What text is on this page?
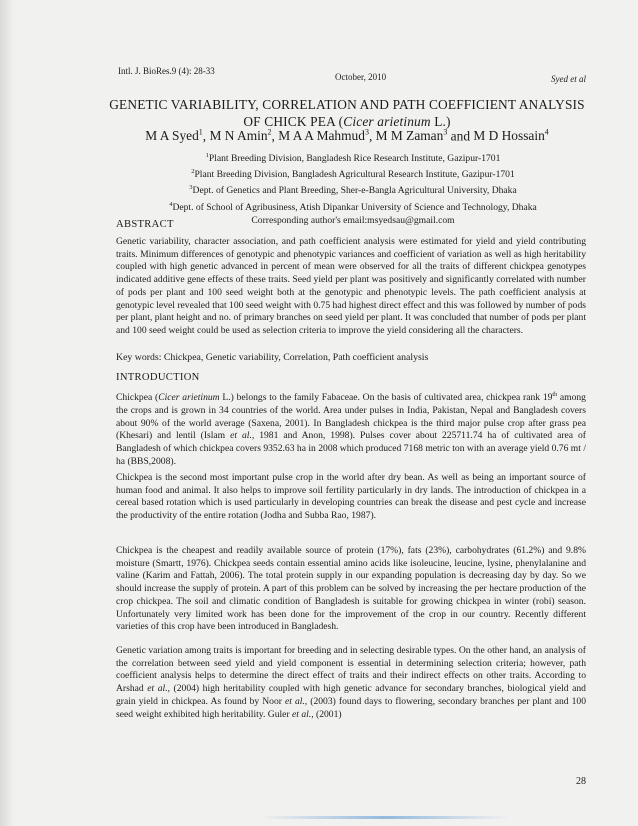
Intl. J. BioRes.9 (4): 28-33
October, 2010	Syed et al
GENETIC VARIABILITY, CORRELATION AND PATH COEFFICIENT ANALYSIS
OF CHICK PEA (Cicer arietinum L.)
M A Syed$^1$, M N Amin$^2$, M A A Mahmud$^3$, M M Zaman$^3$ and M D Hossain$^4$
$^1$Plant Breeding Division, Bangladesh Rice Research Institute, Gazipur-1701
$^2$Plant Breeding Division, Bangladesh Agricultural Research Institute, Gazipur-1701
$^3$Dept. of Genetics and Plant Breeding, Sher-e-Bangla Agricultural University, Dhaka
$^4$Dept. of School of Agribusiness, Atish Dipankar University of Science and Technology, Dhaka
Corresponding author's email:msyedsau@gmail.com
ABSTRACT

Genetic variability, character association, and path coefficient analysis were estimated for yield and yield contributing traits. Minimum differences of genotypic and phenotypic variances and coefficient of variation as well as high heritability coupled with high genetic advanced in percent of mean were observed for all the traits of different chickpea genotypes indicated additive gene effects of these traits. Seed yield per plant was positively and significantly correlated with number of pods per plant and 100 seed weight both at the genotypic and phenotypic levels. The path coefficient analysis at genotypic level revealed that 100 seed weight with 0.75 had highest direct effect and this was followed by number of pods per plant, plant height and no. of primary branches on seed yield per plant. It was concluded that number of pods per plant and 100 seed weight could be used as selection criteria to improve the yield considering all the characters.

Key words: Chickpea, Genetic variability, Correlation, Path coefficient analysis
INTRODUCTION

Chickpea (Cicer arietinum L.) belongs to the family Fabaceae. On the basis of cultivated area, chickpea rank 19th among the crops and is grown in 34 countries of the world. Area under pulses in India, Pakistan, Nepal and Bangladesh covers about 90% of the world average (Saxena, 2001). In Bangladesh chickpea is the third major pulse crop after grass pea (Khesari) and lentil (Islam et al., 1981 and Anon, 1998). Pulses cover about 225711.74 ha of cultivated area of Bangladesh of which chickpea covers 9352.63 ha in 2008 which produced 7168 metric ton with an average yield 0.76 mt / ha (BBS,2008).

Chickpea is the second most important pulse crop in the world after dry bean. As well as being an important source of human food and animal. It also helps to improve soil fertility particularly in dry lands. The introduction of chickpea in a cereal based rotation which is used particularly in developing countries can break the disease and pest cycle and increase the productivity of the entire rotation (Jodha and Subba Rao, 1987).

Chickpea is the cheapest and readily available source of protein (17%), fats (23%), carbohydrates (61.2%) and 9.8% moisture (Smartt, 1976). Chickpea seeds contain essential amino acids like isoleucine, leucine, lysine, phenylalanine and valine (Karim and Fattah, 2006). The total protein supply in our expanding population is decreasing day by day. So we should increase the supply of protein. A part of this problem can be solved by increasing the per hectare production of the crop chickpea. The soil and climatic condition of Bangladesh is suitable for growing chickpea in winter (robi) season. Unfortunately very limited work has been done for the improvement of the crop in our country. Recently different varieties of this crop have been introduced in Bangladesh.

Genetic variation among traits is important for breeding and in selecting desirable types. On the other hand, an analysis of the correlation between seed yield and yield component is essential in determining selection criteria; however, path coefficient analysis helps to determine the direct effect of traits and their indirect effects on other traits. According to Arshad et al., (2004) high heritability coupled with high genetic advance for secondary branches, biological yield and grain yield in chickpea. As found by Noor et al., (2003) found days to flowering, secondary branches per plant and 100 seed weight exhibited high heritability. Guler et al., (2001)

28
